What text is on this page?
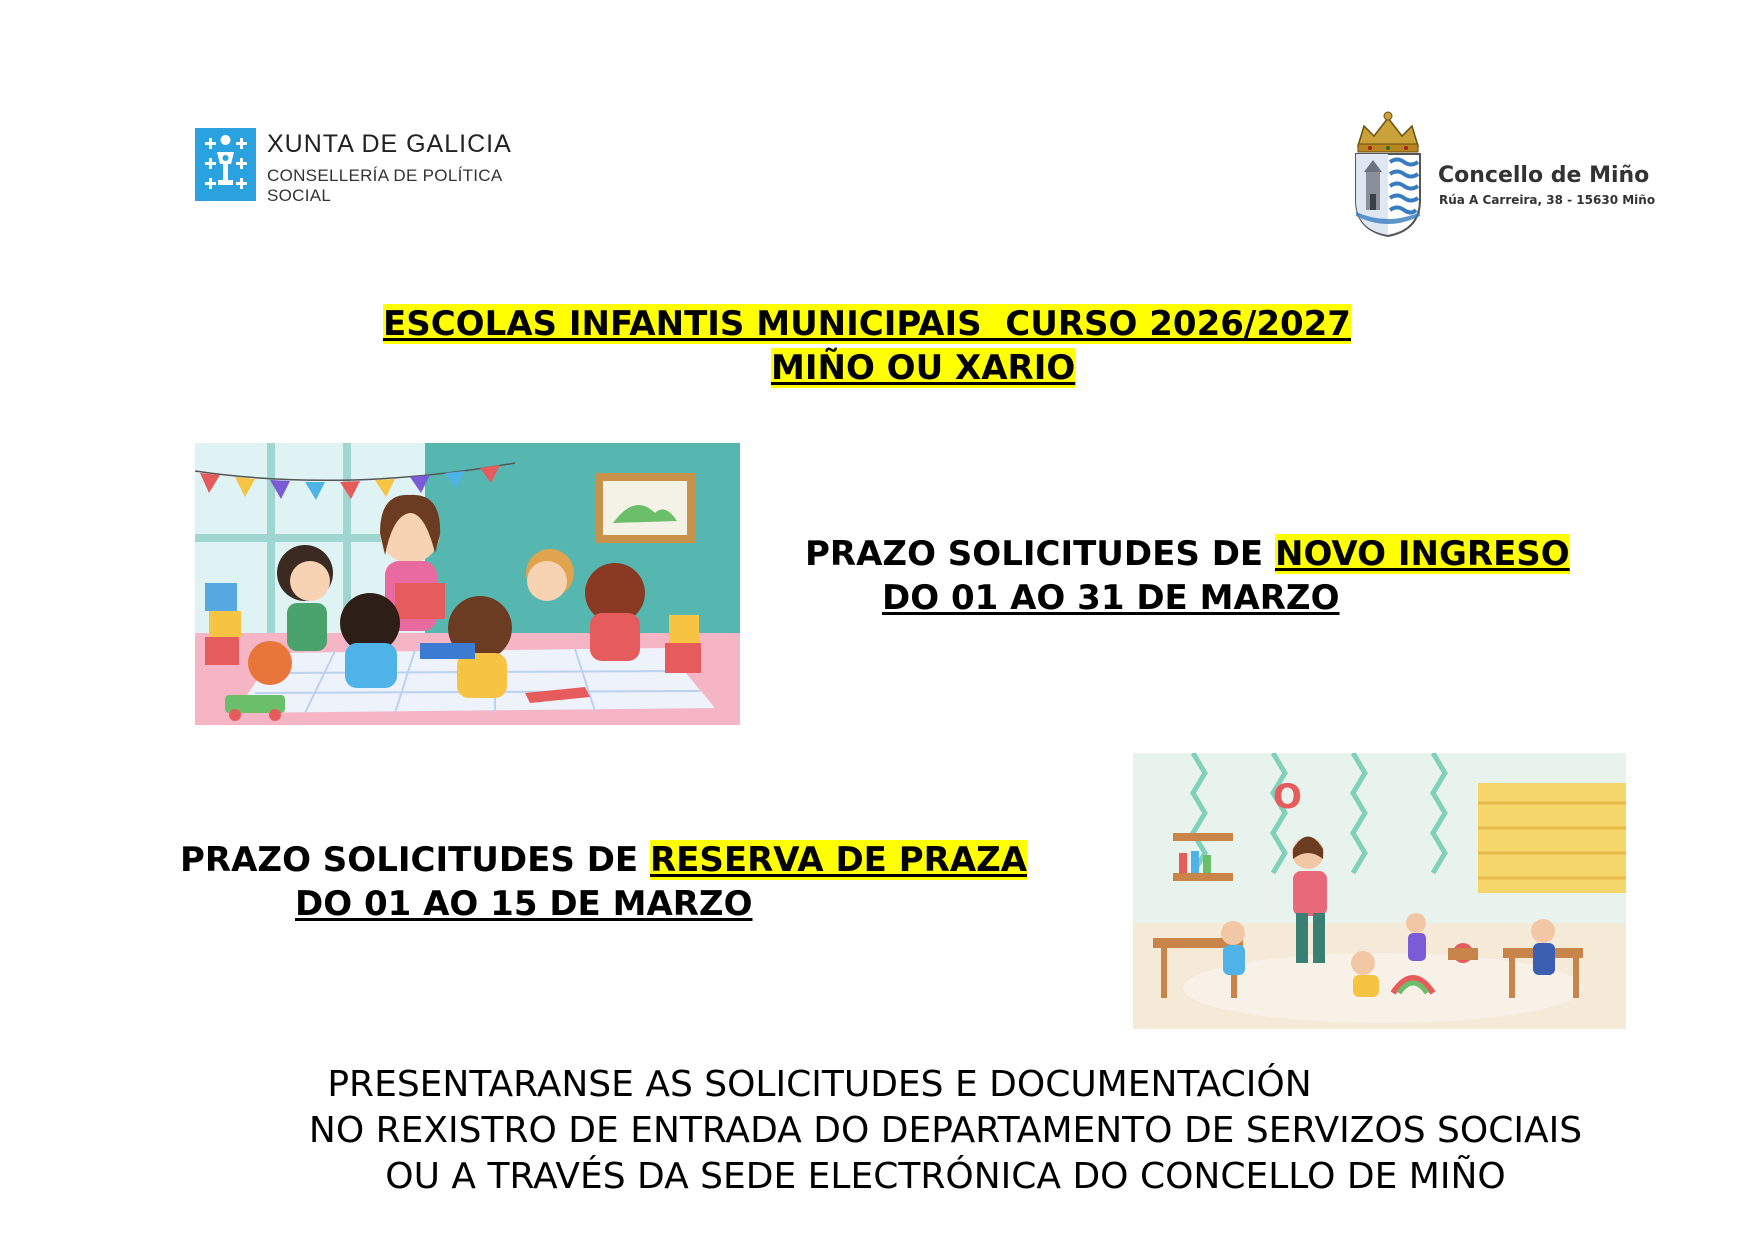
XUNTA DE GALICIA
CONSELLERÍA DE POLÍTICA
SOCIAL
Concello de Miño
Rúa A Carreira, 38 - 15630 Miño
ESCOLAS INFANTIS MUNICIPAIS  CURSO 2026/2027
MIÑO OU XARIO
PRAZO SOLICITUDES DE NOVO INGRESO
DO 01 AO 31 DE MARZO
O
PRAZO SOLICITUDES DE RESERVA DE PRAZA
DO 01 AO 15 DE MARZO
PRESENTARANSE AS SOLICITUDES E DOCUMENTACIÓN
NO REXISTRO DE ENTRADA DO DEPARTAMENTO DE SERVIZOS SOCIAIS
OU A TRAVÉS DA SEDE ELECTRÓNICA DO CONCELLO DE MIÑO
